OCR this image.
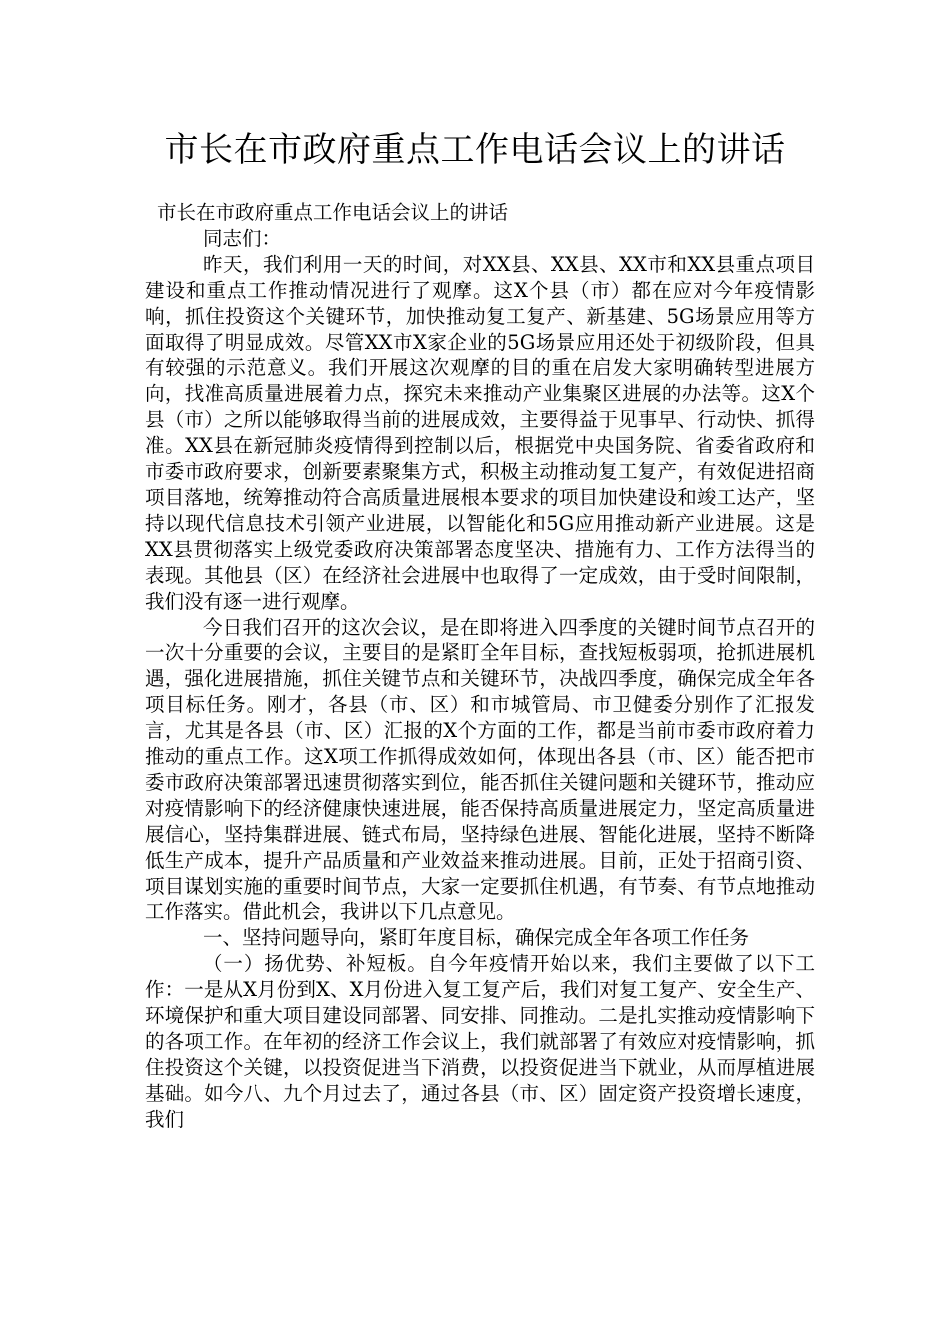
市长在市政府重点工作电话会议上的讲话

市长在市政府重点工作电话会议上的讲话

同志们：

昨天，我们利用一天的时间，对XX县、XX县、XX市和XX县重点项目建设和重点工作推动情况进行了观摩。这X个县（市）都在应对今年疫情影响，抓住投资这个关键环节，加快推动复工复产、新基建、5G场景应用等方面取得了明显成效。尽管XX市X家企业的5G场景应用还处于初级阶段，但具有较强的示范意义。我们开展这次观摩的目的重在启发大家明确转型进展方向，找准高质量进展着力点，探究未来推动产业集聚区进展的办法等。这X个县（市）之所以能够取得当前的进展成效，主要得益于见事早、行动快、抓得准。XX县在新冠肺炎疫情得到控制以后，根据党中央国务院、省委省政府和市委市政府要求，创新要素聚集方式，积极主动推动复工复产，有效促进招商项目落地，统筹推动符合高质量进展根本要求的项目加快建设和竣工达产，坚持以现代信息技术引领产业进展，以智能化和5G应用推动新产业进展。这是XX县贯彻落实上级党委政府决策部署态度坚决、措施有力、工作方法得当的表现。其他县（区）在经济社会进展中也取得了一定成效，由于受时间限制，我们没有逐一进行观摩。

今日我们召开的这次会议，是在即将进入四季度的关键时间节点召开的一次十分重要的会议，主要目的是紧盯全年目标，查找短板弱项，抢抓进展机遇，强化进展措施，抓住关键节点和关键环节，决战四季度，确保完成全年各项目标任务。刚才，各县（市、区）和市城管局、市卫健委分别作了汇报发言，尤其是各县（市、区）汇报的X个方面的工作，都是当前市委市政府着力推动的重点工作。这X项工作抓得成效如何，体现出各县（市、区）能否把市委市政府决策部署迅速贯彻落实到位，能否抓住关键问题和关键环节，推动应对疫情影响下的经济健康快速进展，能否保持高质量进展定力，坚定高质量进展信心，坚持集群进展、链式布局，坚持绿色进展、智能化进展，坚持不断降低生产成本，提升产品质量和产业效益来推动进展。目前，正处于招商引资、项目谋划实施的重要时间节点，大家一定要抓住机遇，有节奏、有节点地推动工作落实。借此机会，我讲以下几点意见。

一、坚持问题导向，紧盯年度目标，确保完成全年各项工作任务

（一）扬优势、补短板。自今年疫情开始以来，我们主要做了以下工作：一是从X月份到X、X月份进入复工复产后，我们对复工复产、安全生产、环境保护和重大项目建设同部署、同安排、同推动。二是扎实推动疫情影响下的各项工作。在年初的经济工作会议上，我们就部署了有效应对疫情影响，抓住投资这个关键，以投资促进当下消费，以投资促进当下就业，从而厚植进展基础。如今八、九个月过去了，通过各县（市、区）固定资产投资增长速度，我们
